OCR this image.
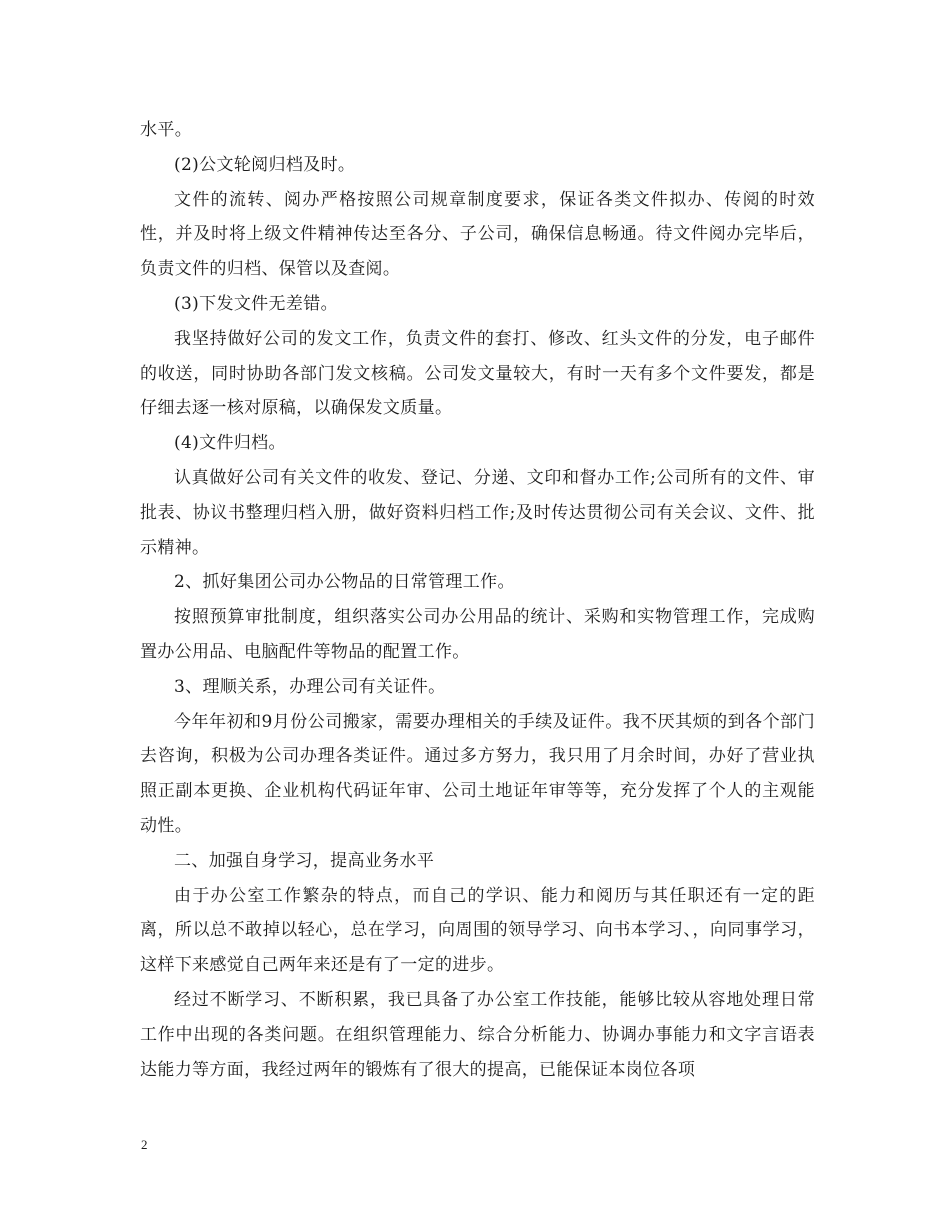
水平。

(2)公文轮阅归档及时。

文件的流转、阅办严格按照公司规章制度要求，保证各类文件拟办、传阅的时效性，并及时将上级文件精神传达至各分、子公司，确保信息畅通。待文件阅办完毕后，负责文件的归档、保管以及查阅。

(3)下发文件无差错。

我坚持做好公司的发文工作，负责文件的套打、修改、红头文件的分发，电子邮件的收送，同时协助各部门发文核稿。公司发文量较大，有时一天有多个文件要发，都是仔细去逐一核对原稿，以确保发文质量。

(4)文件归档。

认真做好公司有关文件的收发、登记、分递、文印和督办工作;公司所有的文件、审批表、协议书整理归档入册，做好资料归档工作;及时传达贯彻公司有关会议、文件、批示精神。

2、抓好集团公司办公物品的日常管理工作。

按照预算审批制度，组织落实公司办公用品的统计、采购和实物管理工作，完成购置办公用品、电脑配件等物品的配置工作。

3、理顺关系，办理公司有关证件。

今年年初和9月份公司搬家，需要办理相关的手续及证件。我不厌其烦的到各个部门去咨询，积极为公司办理各类证件。通过多方努力，我只用了月余时间，办好了营业执照正副本更换、企业机构代码证年审、公司土地证年审等等，充分发挥了个人的主观能动性。

二、加强自身学习，提高业务水平

由于办公室工作繁杂的特点，而自己的学识、能力和阅历与其任职还有一定的距离，所以总不敢掉以轻心，总在学习，向周围的领导学习、向书本学习、，向同事学习，这样下来感觉自己两年来还是有了一定的进步。

经过不断学习、不断积累，我已具备了办公室工作技能，能够比较从容地处理日常工作中出现的各类问题。在组织管理能力、综合分析能力、协调办事能力和文字言语表达能力等方面，我经过两年的锻炼有了很大的提高，已能保证本岗位各项

2
